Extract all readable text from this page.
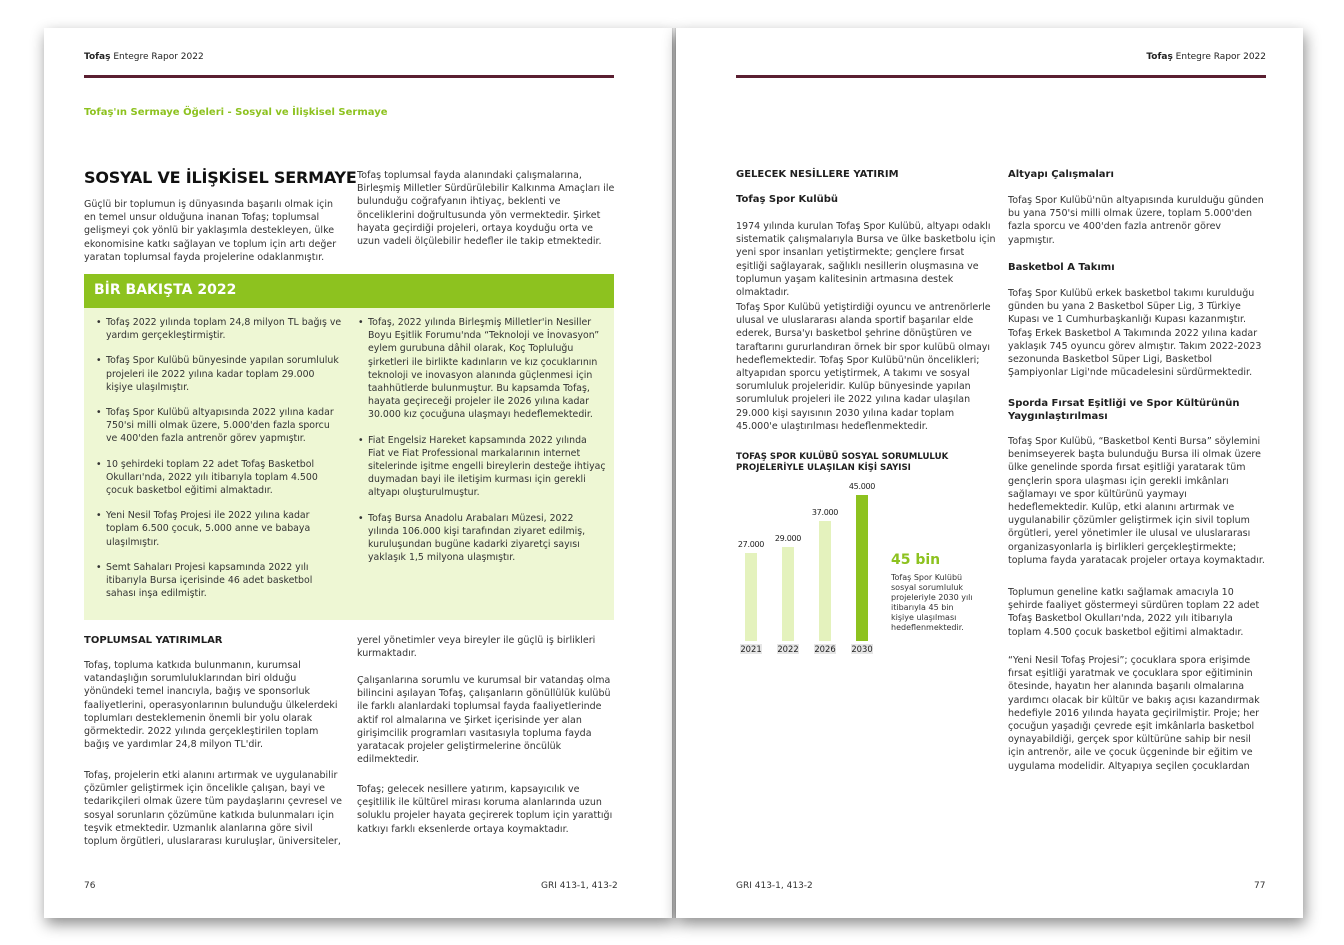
Tofaş Entegre Rapor 2022
Tofaş'ın Sermaye Öğeleri - Sosyal ve İlişkisel Sermaye
SOSYAL VE İLİŞKİSEL SERMAYE
Güçlü bir toplumun iş dünyasında başarılı olmak için en temel unsur olduğuna inanan Tofaş; toplumsal gelişmeyi çok yönlü bir yaklaşımla destekleyen, ülke ekonomisine katkı sağlayan ve toplum için artı değer yaratan toplumsal fayda projelerine odaklanmıştır.
Tofaş toplumsal fayda alanındaki çalışmalarına, Birleşmiş Milletler Sürdürülebilir Kalkınma Amaçları ile bulunduğu coğrafyanın ihtiyaç, beklenti ve önceliklerini doğrultusunda yön vermektedir. Şirket hayata geçirdiği projeleri, ortaya koyduğu orta ve uzun vadeli ölçülebilir hedefler ile takip etmektedir.
BİR BAKIŞTA 2022
• Tofaş 2022 yılında toplam 24,8 milyon TL bağış ve yardım gerçekleştirmiştir.
• Tofaş Spor Kulübü bünyesinde yapılan sorumluluk projeleri ile 2022 yılına kadar toplam 29.000 kişiye ulaşılmıştır.
• Tofaş Spor Kulübü altyapısında 2022 yılına kadar 750'si milli olmak üzere, 5.000'den fazla sporcu ve 400'den fazla antrenör görev yapmıştır.
• 10 şehirdeki toplam 22 adet Tofaş Basketbol Okulları'nda, 2022 yılı itibarıyla toplam 4.500 çocuk basketbol eğitimi almaktadır.
• Yeni Nesil Tofaş Projesi ile 2022 yılına kadar toplam 6.500 çocuk, 5.000 anne ve babaya ulaşılmıştır.
• Semt Sahaları Projesi kapsamında 2022 yılı itibarıyla Bursa içerisinde 46 adet basketbol sahası inşa edilmiştir.
• Tofaş, 2022 yılında Birleşmiş Milletler'in Nesiller Boyu Eşitlik Forumu'nda “Teknoloji ve İnovasyon” eylem gurubuna dâhil olarak, Koç Topluluğu şirketleri ile birlikte kadınların ve kız çocuklarının teknoloji ve inovasyon alanında güçlenmesi için taahhütlerde bulunmuştur. Bu kapsamda Tofaş, hayata geçireceği projeler ile 2026 yılına kadar 30.000 kız çocuğuna ulaşmayı hedeflemektedir.
• Fiat Engelsiz Hareket kapsamında 2022 yılında Fiat ve Fiat Professional markalarının internet sitelerinde işitme engelli bireylerin desteğe ihtiyaç duymadan bayi ile iletişim kurması için gerekli altyapı oluşturulmuştur.
• Tofaş Bursa Anadolu Arabaları Müzesi, 2022 yılında 106.000 kişi tarafından ziyaret edilmiş, kuruluşundan bugüne kadarki ziyaretçi sayısı yaklaşık 1,5 milyona ulaşmıştır.
TOPLUMSAL YATIRIMLAR
Tofaş, topluma katkıda bulunmanın, kurumsal vatandaşlığın sorumluluklarından biri olduğu yönündeki temel inancıyla, bağış ve sponsorluk faaliyetlerini, operasyonlarının bulunduğu ülkelerdeki toplumları desteklemenin önemli bir yolu olarak görmektedir. 2022 yılında gerçekleştirilen toplam bağış ve yardımlar 24,8 milyon TL'dir.
Tofaş, projelerin etki alanını artırmak ve uygulanabilir çözümler geliştirmek için öncelikle çalışan, bayi ve tedarikçileri olmak üzere tüm paydaşlarını çevresel ve sosyal sorunların çözümüne katkıda bulunmaları için teşvik etmektedir. Uzmanlık alanlarına göre sivil toplum örgütleri, uluslararası kuruluşlar, üniversiteler,
yerel yönetimler veya bireyler ile güçlü iş birlikleri kurmaktadır.
Çalışanlarına sorumlu ve kurumsal bir vatandaş olma bilincini aşılayan Tofaş, çalışanların gönüllülük kulübü ile farklı alanlardaki toplumsal fayda faaliyetlerinde aktif rol almalarına ve Şirket içerisinde yer alan girişimcilik programları vasıtasıyla topluma fayda yaratacak projeler geliştirmelerine öncülük edilmektedir.
Tofaş; gelecek nesillere yatırım, kapsayıcılık ve çeşitlilik ile kültürel mirası koruma alanlarında uzun soluklu projeler hayata geçirerek toplum için yarattığı katkıyı farklı eksenlerde ortaya koymaktadır.
76	GRI 413-1, 413-2
Tofaş Entegre Rapor 2022
GELECEK NESİLLERE YATIRIM
Tofaş Spor Kulübü
1974 yılında kurulan Tofaş Spor Kulübü, altyapı odaklı sistematik çalışmalarıyla Bursa ve ülke basketbolu için yeni spor insanları yetiştirmekte; gençlere fırsat eşitliği sağlayarak, sağlıklı nesillerin oluşmasına ve toplumun yaşam kalitesinin artmasına destek olmaktadır.
Tofaş Spor Kulübü yetiştirdiği oyuncu ve antrenörlerle ulusal ve uluslararası alanda sportif başarılar elde ederek, Bursa'yı basketbol şehrine dönüştüren ve taraftarını gururlandıran örnek bir spor kulübü olmayı hedeflemektedir. Tofaş Spor Kulübü'nün öncelikleri; altyapıdan sporcu yetiştirmek, A takımı ve sosyal sorumluluk projeleridir. Kulüp bünyesinde yapılan sorumluluk projeleri ile 2022 yılına kadar ulaşılan 29.000 kişi sayısının 2030 yılına kadar toplam 45.000'e ulaştırılması hedeflenmektedir.
TOFAŞ SPOR KULÜBÜ SOSYAL SORUMLULUK PROJELERİYLE ULAŞILAN KİŞİ SAYISI
27.000
2021
29.000
2022
37.000
2026
45.000
2030
45 bin
Tofaş Spor Kulübü sosyal sorumluluk projeleriyle 2030 yılı itibarıyla 45 bin kişiye ulaşılması hedeflenmektedir.
Altyapı Çalışmaları
Tofaş Spor Kulübü'nün altyapısında kurulduğu günden bu yana 750'si milli olmak üzere, toplam 5.000'den fazla sporcu ve 400'den fazla antrenör görev yapmıştır.
Basketbol A Takımı
Tofaş Spor Kulübü erkek basketbol takımı kurulduğu günden bu yana 2 Basketbol Süper Lig, 3 Türkiye Kupası ve 1 Cumhurbaşkanlığı Kupası kazanmıştır. Tofaş Erkek Basketbol A Takımında 2022 yılına kadar yaklaşık 745 oyuncu görev almıştır. Takım 2022-2023 sezonunda Basketbol Süper Ligi, Basketbol Şampiyonlar Ligi'nde mücadelesini sürdürmektedir.
Sporda Fırsat Eşitliği ve Spor Kültürünün Yaygınlaştırılması
Tofaş Spor Kulübü, “Basketbol Kenti Bursa” söylemini benimseyerek başta bulunduğu Bursa ili olmak üzere ülke genelinde sporda fırsat eşitliği yaratarak tüm gençlerin spora ulaşması için gerekli imkânları sağlamayı ve spor kültürünü yaymayı hedeflemektedir. Kulüp, etki alanını artırmak ve uygulanabilir çözümler geliştirmek için sivil toplum örgütleri, yerel yönetimler ile ulusal ve uluslararası organizasyonlarla iş birlikleri gerçekleştirmekte; topluma fayda yaratacak projeler ortaya koymaktadır.
Toplumun geneline katkı sağlamak amacıyla 10 şehirde faaliyet göstermeyi sürdüren toplam 22 adet Tofaş Basketbol Okulları'nda, 2022 yılı itibarıyla toplam 4.500 çocuk basketbol eğitimi almaktadır.
“Yeni Nesil Tofaş Projesi”; çocuklara spora erişimde fırsat eşitliği yaratmak ve çocuklara spor eğitiminin ötesinde, hayatın her alanında başarılı olmalarına yardımcı olacak bir kültür ve bakış açısı kazandırmak hedefiyle 2016 yılında hayata geçirilmiştir. Proje; her çocuğun yaşadığı çevrede eşit imkânlarla basketbol oynayabildiği, gerçek spor kültürüne sahip bir nesil için antrenör, aile ve çocuk üçgeninde bir eğitim ve uygulama modelidir. Altyapıya seçilen çocuklardan
GRI 413-1, 413-2	77
